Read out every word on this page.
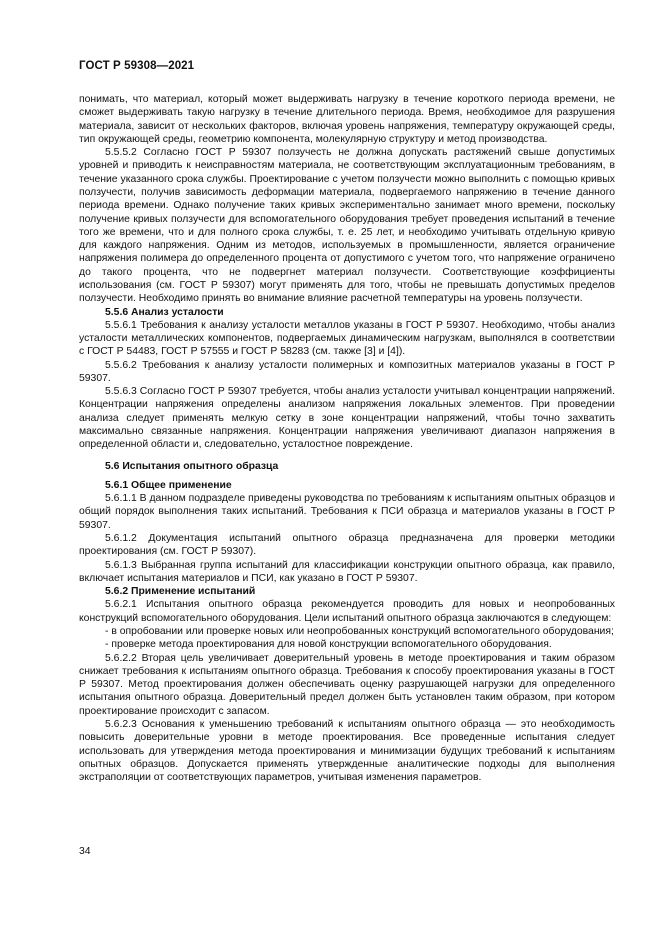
ГОСТ Р 59308—2021

понимать, что материал, который может выдерживать нагрузку в течение короткого периода времени, не сможет выдерживать такую нагрузку в течение длительного периода. Время, необходимое для разрушения материала, зависит от нескольких факторов, включая уровень напряжения, температуру окружающей среды, тип окружающей среды, геометрию компонента, молекулярную структуру и метод производства.

5.5.5.2 Согласно ГОСТ Р 59307 ползучесть не должна допускать растяжений свыше допустимых уровней и приводить к неисправностям материала, не соответствующим эксплуатационным требованиям, в течение указанного срока службы. Проектирование с учетом ползучести можно выполнить с помощью кривых ползучести, получив зависимость деформации материала, подвергаемого напряжению в течение данного периода времени. Однако получение таких кривых экспериментально занимает много времени, поскольку получение кривых ползучести для вспомогательного оборудования требует проведения испытаний в течение того же времени, что и для полного срока службы, т. е. 25 лет, и необходимо учитывать отдельную кривую для каждого напряжения. Одним из методов, используемых в промышленности, является ограничение напряжения полимера до определенного процента от допустимого с учетом того, что напряжение ограничено до такого процента, что не подвергнет материал ползучести. Соответствующие коэффициенты использования (см. ГОСТ Р 59307) могут применять для того, чтобы не превышать допустимых пределов ползучести. Необходимо принять во внимание влияние расчетной температуры на уровень ползучести.

5.5.6 Анализ усталости

5.5.6.1 Требования к анализу усталости металлов указаны в ГОСТ Р 59307. Необходимо, чтобы анализ усталости металлических компонентов, подвергаемых динамическим нагрузкам, выполнялся в соответствии с ГОСТ Р 54483, ГОСТ Р 57555 и ГОСТ Р 58283 (см. также [3] и [4]).

5.5.6.2 Требования к анализу усталости полимерных и композитных материалов указаны в ГОСТ Р 59307.

5.5.6.3 Согласно ГОСТ Р 59307 требуется, чтобы анализ усталости учитывал концентрации напряжений. Концентрации напряжения определены анализом напряжения локальных элементов. При проведении анализа следует применять мелкую сетку в зоне концентрации напряжений, чтобы точно захватить максимально связанные напряжения. Концентрации напряжения увеличивают диапазон напряжения в определенной области и, следовательно, усталостное повреждение.

5.6 Испытания опытного образца

5.6.1 Общее применение

5.6.1.1 В данном подразделе приведены руководства по требованиям к испытаниям опытных образцов и общий порядок выполнения таких испытаний. Требования к ПСИ образца и материалов указаны в ГОСТ Р 59307.

5.6.1.2 Документация испытаний опытного образца предназначена для проверки методики проектирования (см. ГОСТ Р 59307).

5.6.1.3 Выбранная группа испытаний для классификации конструкции опытного образца, как правило, включает испытания материалов и ПСИ, как указано в ГОСТ Р 59307.

5.6.2 Применение испытаний

5.6.2.1 Испытания опытного образца рекомендуется проводить для новых и неопробованных конструкций вспомогательного оборудования. Цели испытаний опытного образца заключаются в следующем:

- в опробовании или проверке новых или неопробованных конструкций вспомогательного оборудования;

- проверке метода проектирования для новой конструкции вспомогательного оборудования.

5.6.2.2 Вторая цель увеличивает доверительный уровень в методе проектирования и таким образом снижает требования к испытаниям опытного образца. Требования к способу проектирования указаны в ГОСТ Р 59307. Метод проектирования должен обеспечивать оценку разрушающей нагрузки для определенного испытания опытного образца. Доверительный предел должен быть установлен таким образом, при котором проектирование происходит с запасом.

5.6.2.3 Основания к уменьшению требований к испытаниям опытного образца — это необходимость повысить доверительные уровни в методе проектирования. Все проведенные испытания следует использовать для утверждения метода проектирования и минимизации будущих требований к испытаниям опытных образцов. Допускается применять утвержденные аналитические подходы для выполнения экстраполяции от соответствующих параметров, учитывая изменения параметров.

34
